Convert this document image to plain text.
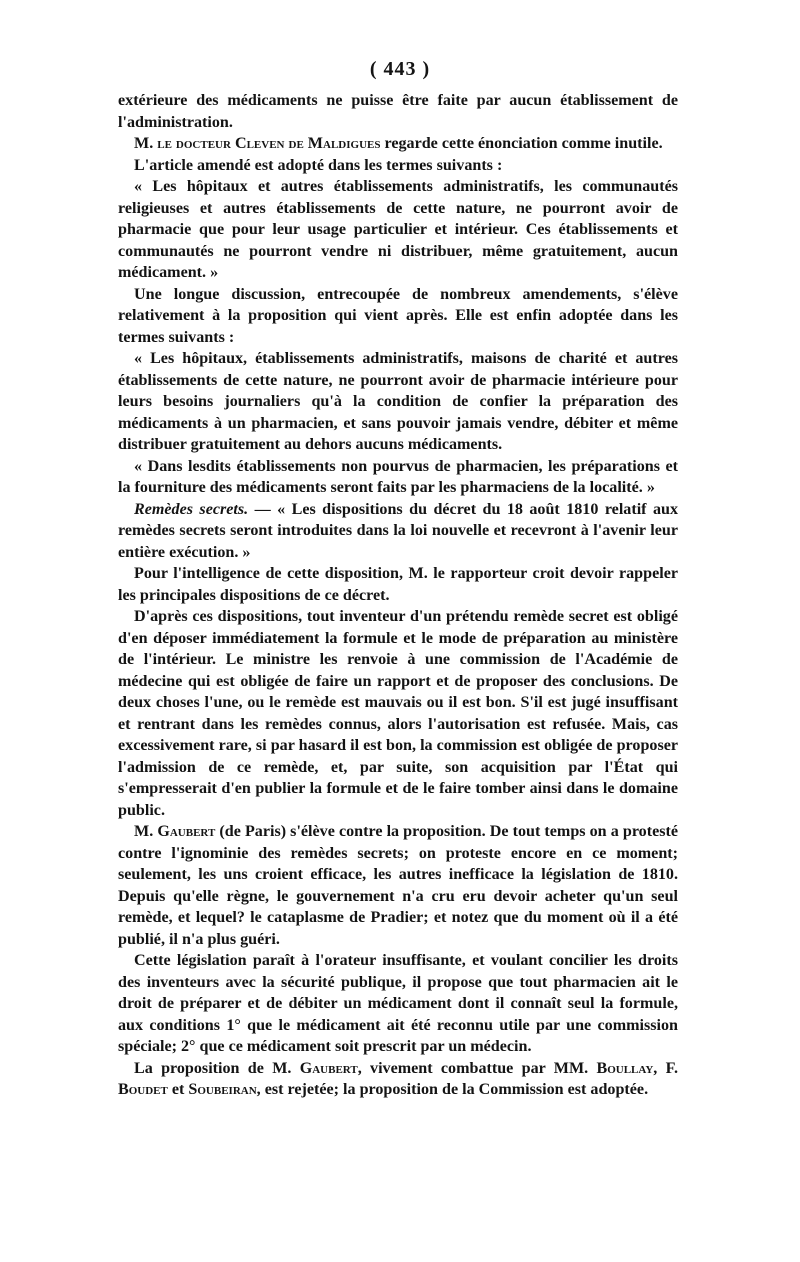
( 443 )

extérieure des médicaments ne puisse être faite par aucun établissement de l'administration.

M. le docteur Cleven de Maldigues regarde cette énonciation comme inutile.

L'article amendé est adopté dans les termes suivants :

« Les hôpitaux et autres établissements administratifs, les communautés religieuses et autres établissements de cette nature, ne pourront avoir de pharmacie que pour leur usage particulier et intérieur. Ces établissements et communautés ne pourront vendre ni distribuer, même gratuitement, aucun médicament. »

Une longue discussion, entrecoupée de nombreux amendements, s'élève relativement à la proposition qui vient après. Elle est enfin adoptée dans les termes suivants :

« Les hôpitaux, établissements administratifs, maisons de charité et autres établissements de cette nature, ne pourront avoir de pharmacie intérieure pour leurs besoins journaliers qu'à la condition de confier la préparation des médicaments à un pharmacien, et sans pouvoir jamais vendre, débiter et même distribuer gratuitement au dehors aucuns médicaments.

« Dans lesdits établissements non pourvus de pharmacien, les préparations et la fourniture des médicaments seront faits par les pharmaciens de la localité. »

Remèdes secrets. — « Les dispositions du décret du 18 août 1810 relatif aux remèdes secrets seront introduites dans la loi nouvelle et recevront à l'avenir leur entière exécution. »

Pour l'intelligence de cette disposition, M. le rapporteur croit devoir rappeler les principales dispositions de ce décret.

D'après ces dispositions, tout inventeur d'un prétendu remède secret est obligé d'en déposer immédiatement la formule et le mode de préparation au ministère de l'intérieur. Le ministre les renvoie à une commission de l'Académie de médecine qui est obligée de faire un rapport et de proposer des conclusions. De deux choses l'une, ou le remède est mauvais ou il est bon. S'il est jugé insuffisant et rentrant dans les remèdes connus, alors l'autorisation est refusée. Mais, cas excessivement rare, si par hasard il est bon, la commission est obligée de proposer l'admission de ce remède, et, par suite, son acquisition par l'État qui s'empresserait d'en publier la formule et de le faire tomber ainsi dans le domaine public.

M. Gaubert (de Paris) s'élève contre la proposition. De tout temps on a protesté contre l'ignominie des remèdes secrets; on proteste encore en ce moment; seulement, les uns croient efficace, les autres inefficace la législation de 1810. Depuis qu'elle règne, le gouvernement n'a cru eru devoir acheter qu'un seul remède, et lequel? le cataplasme de Pradier; et notez que du moment où il a été publié, il n'a plus guéri.

Cette législation paraît à l'orateur insuffisante, et voulant concilier les droits des inventeurs avec la sécurité publique, il propose que tout pharmacien ait le droit de préparer et de débiter un médicament dont il connaît seul la formule, aux conditions 1° que le médicament ait été reconnu utile par une commission spéciale; 2° que ce médicament soit prescrit par un médecin.

La proposition de M. Gaubert, vivement combattue par MM. Boullay, F. Boudet et Soubeiran, est rejetée; la proposition de la Commission est adoptée.
